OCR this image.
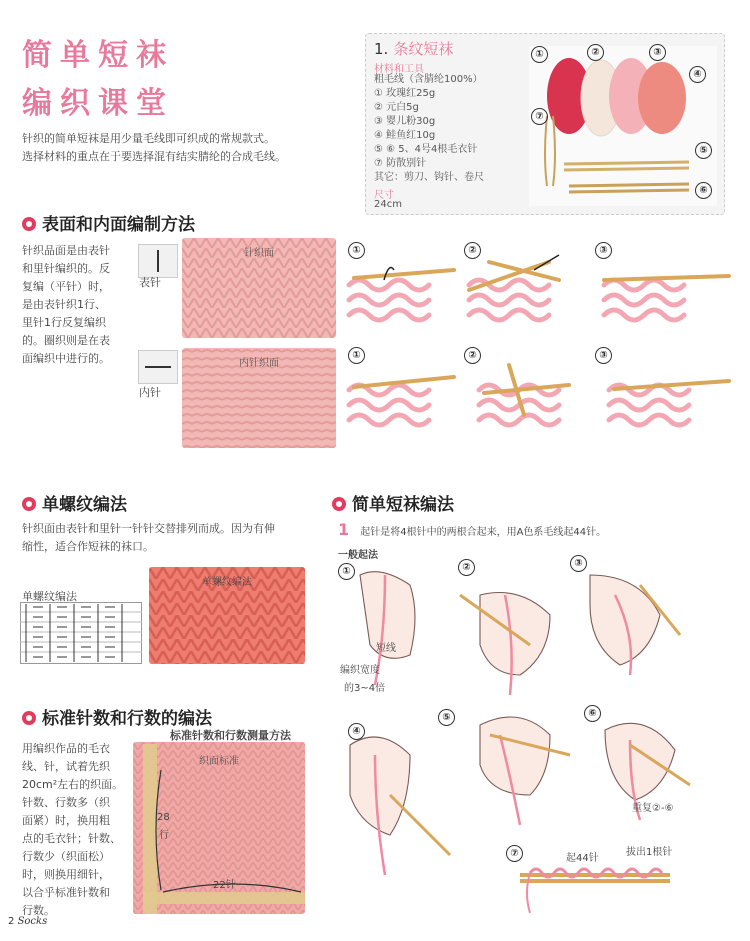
简单短袜
编织课堂
针织的简单短袜是用少量毛线即可织成的常规款式。
选择材料的重点在于要选择混有结实腈纶的合成毛线。
1. 条纹短袜
材料和工具
粗毛线（含腈纶100%）
① 玫瑰红25g
② 元白5g
③ 婴儿粉30g
④ 鲑鱼红10g
⑤ ⑥ 5、4号4根毛衣针
⑦ 防散别针
其它：剪刀、钩针、卷尺
尺寸
24cm
①	②	③
④
⑤
⑥
⑦
表面和内面编制方法
针织品面是由表针
和里针编织的。反
复编（平针）时，
是由表针织1行、
里针1行反复编织
的。圈织则是在表
面编织中进行的。
表针
内针
针织面
内针织面
①	②	③
①	②	③
单螺纹编法
针织面由表针和里针一针针交替排列而成。因为有伸
缩性，适合作短袜的袜口。
单螺纹编法
单螺纹编法
标准针数和行数的编法
标准针数和行数测量方法
用编织作品的毛衣
线、针，试着先织
20cm²左右的织面。
针数、行数多（织
面紧）时，换用粗
点的毛衣针；针数、
行数少（织面松）
时，则换用细针，
以合乎标准针数和
行数。
织面标准
28
行
22针
简单短袜编法
1 起针是将4根针中的两根合起来，用A色系毛线起44针。
一般起法
①	②	③
④
⑤	⑥
⑦
短线
编织宽度
的3~4倍
重复②-⑥
起44针
拔出1根针
2 Socks
